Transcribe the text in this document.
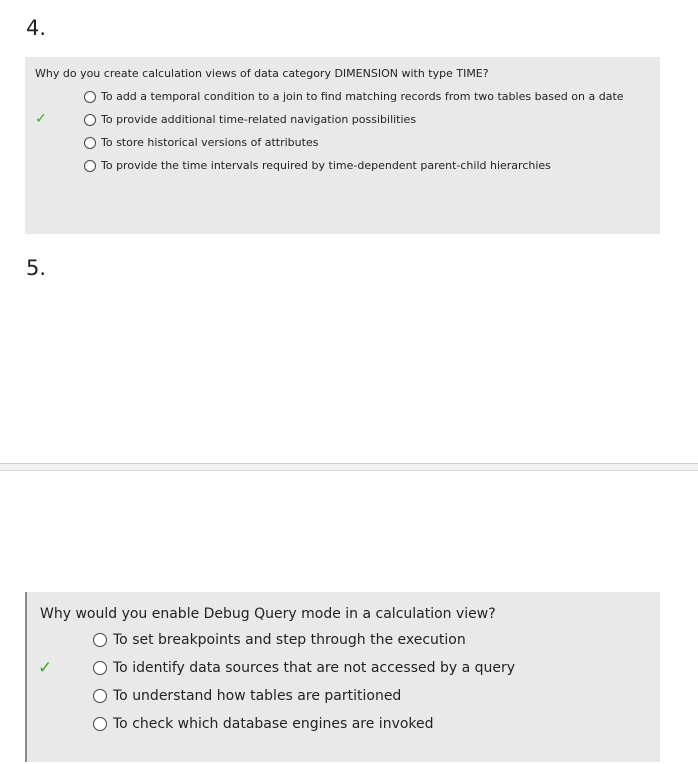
4.
Why do you create calculation views of data category DIMENSION with type TIME?
To add a temporal condition to a join to find matching records from two tables based on a date
✓	To provide additional time-related navigation possibilities
To store historical versions of attributes
To provide the time intervals required by time-dependent parent-child hierarchies
5.
Why would you enable Debug Query mode in a calculation view?
To set breakpoints and step through the execution
✓	To identify data sources that are not accessed by a query
To understand how tables are partitioned
To check which database engines are invoked
